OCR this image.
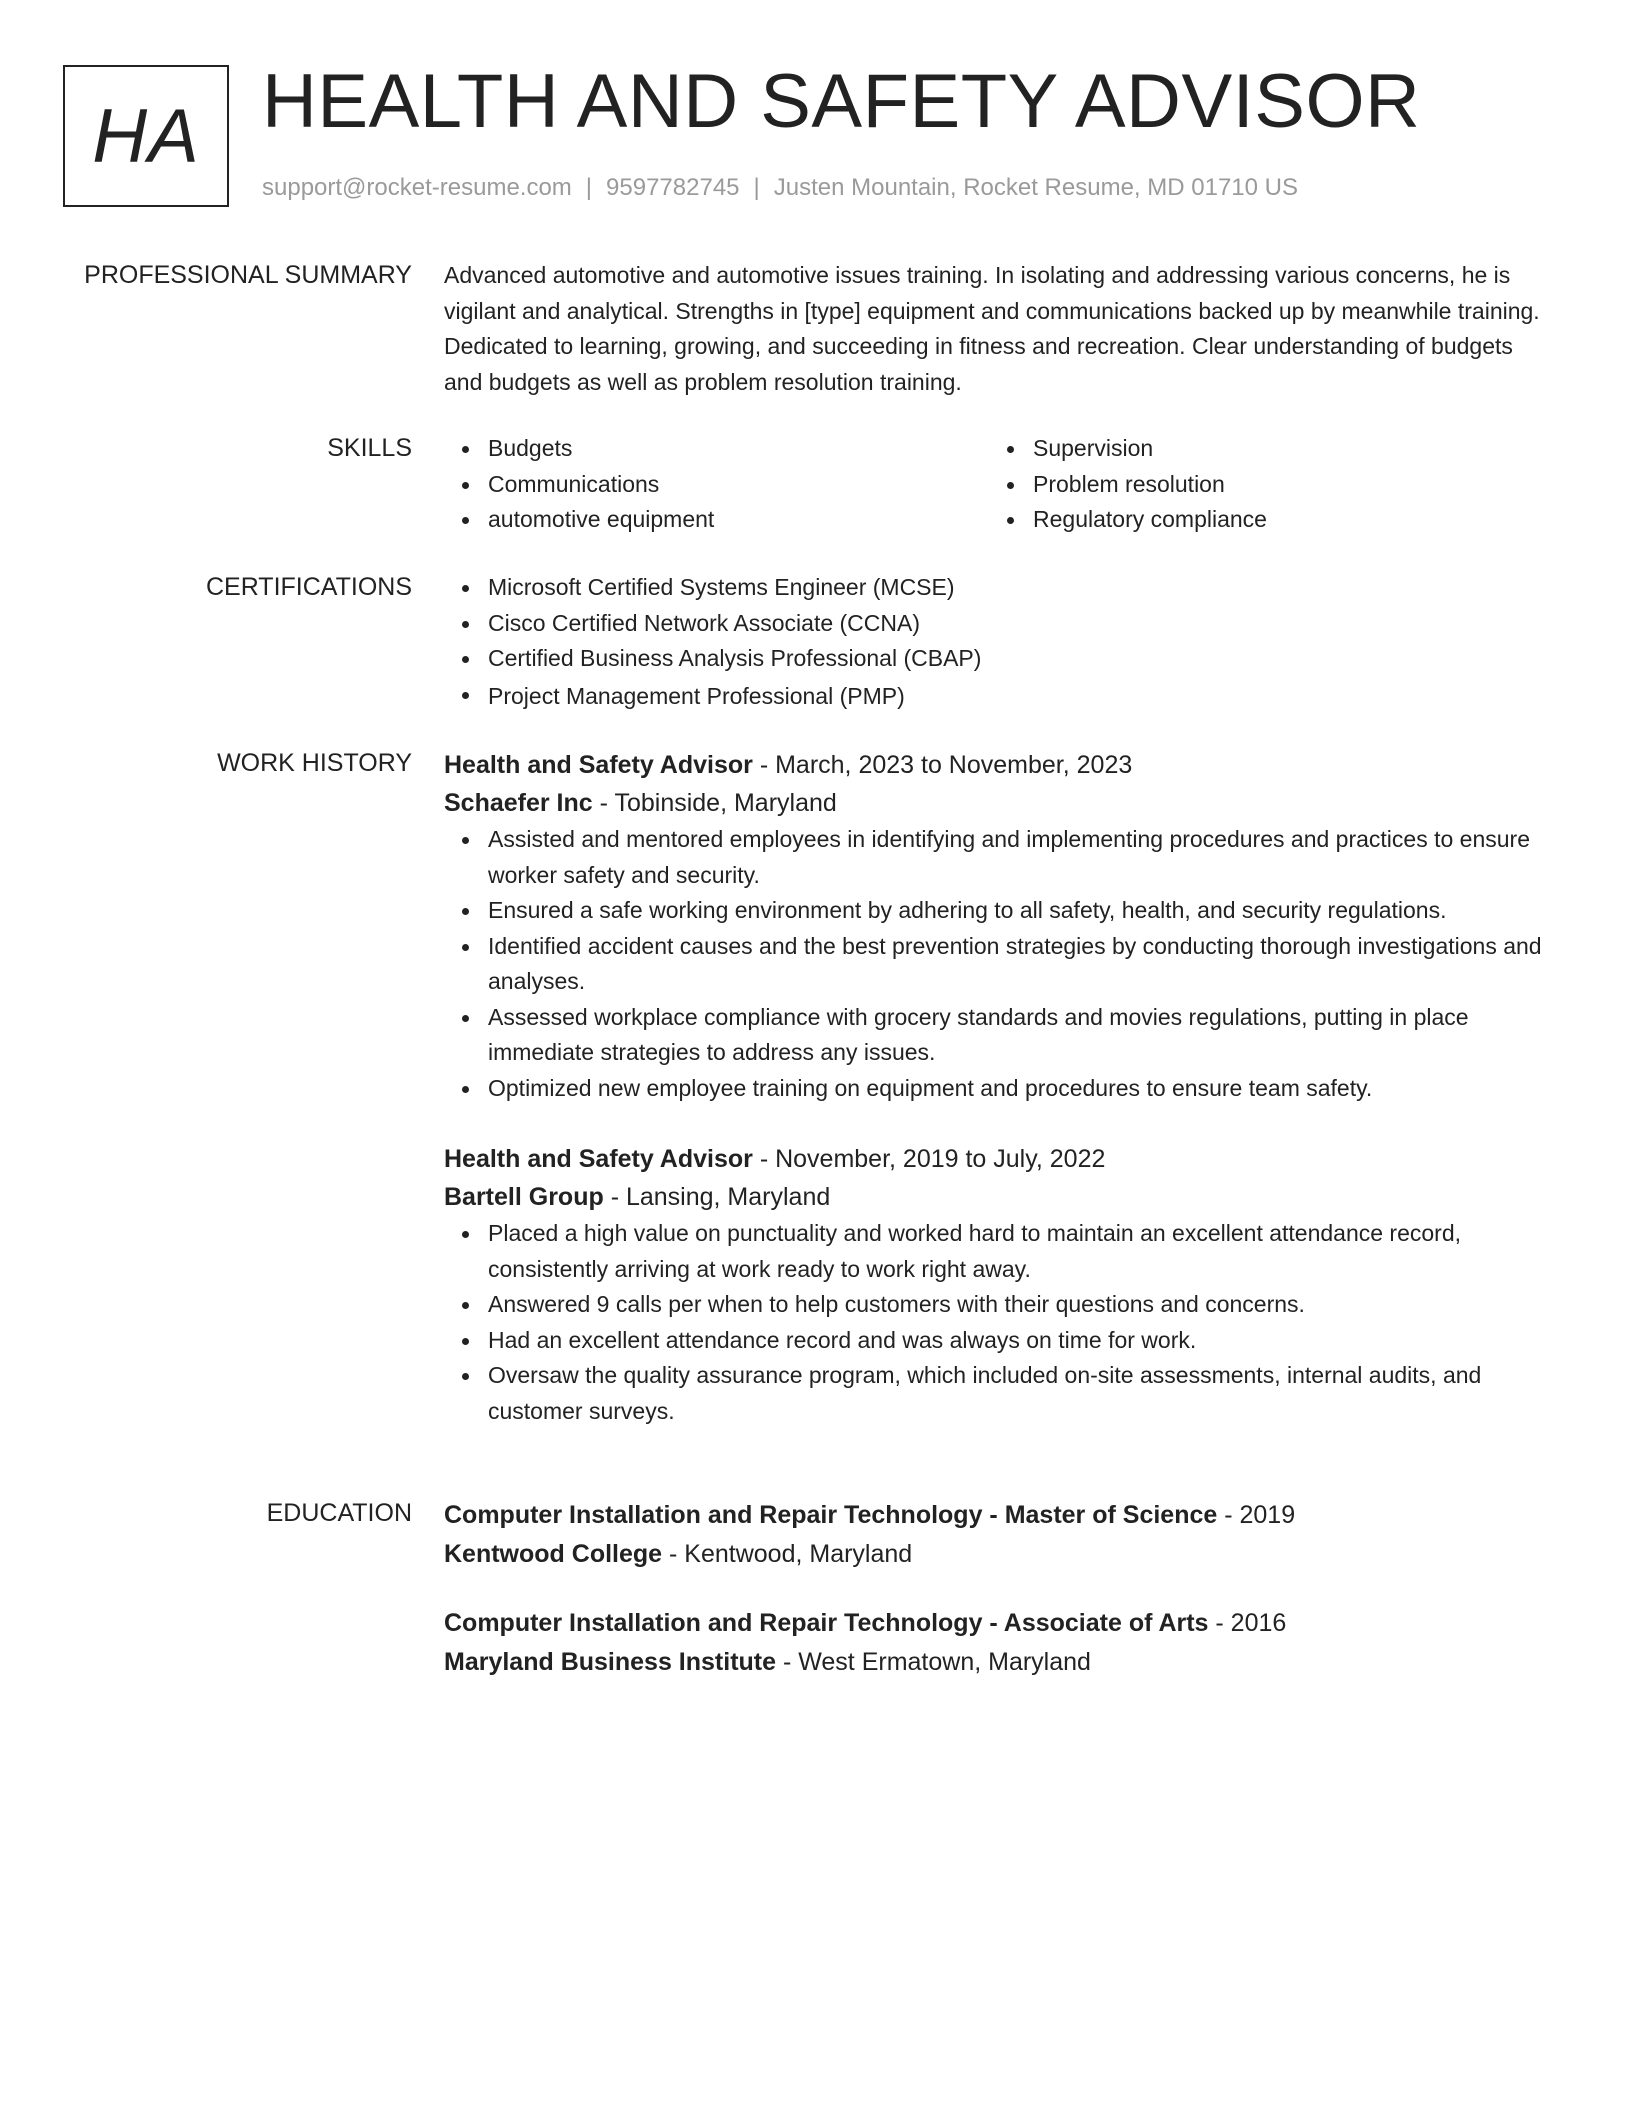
HA HEALTH AND SAFETY ADVISOR
support@rocket-resume.com | 9597782745 | Justen Mountain, Rocket Resume, MD 01710 US
PROFESSIONAL SUMMARY Advanced automotive and automotive issues training. In isolating and addressing various concerns, he is vigilant and analytical. Strengths in [type] equipment and communications backed up by meanwhile training. Dedicated to learning, growing, and succeeding in fitness and recreation. Clear understanding of budgets and budgets as well as problem resolution training.

SKILLS	Budgets
Communications
automotive equipment
Supervision
Problem resolution
Regulatory compliance
CERTIFICATIONS	Microsoft Certified Systems Engineer (MCSE)
Cisco Certified Network Associate (CCNA)
Certified Business Analysis Professional (CBAP)
Project Management Professional (PMP)
WORK HISTORY Health and Safety Advisor - March, 2023 to November, 2023
Schaefer Inc - Tobinside, Maryland
Assisted and mentored employees in identifying and implementing procedures and practices to ensure worker safety and security.
Ensured a safe working environment by adhering to all safety, health, and security regulations.
Identified accident causes and the best prevention strategies by conducting thorough investigations and analyses.
Assessed workplace compliance with grocery standards and movies regulations, putting in place immediate strategies to address any issues.
Optimized new employee training on equipment and procedures to ensure team safety.
Health and Safety Advisor - November, 2019 to July, 2022
Bartell Group - Lansing, Maryland
Placed a high value on punctuality and worked hard to maintain an excellent attendance record, consistently arriving at work ready to work right away.
Answered 9 calls per when to help customers with their questions and concerns.
Had an excellent attendance record and was always on time for work.
Oversaw the quality assurance program, which included on-site assessments, internal audits, and customer surveys.
EDUCATION Computer Installation and Repair Technology - Master of Science - 2019
Kentwood College - Kentwood, Maryland
Computer Installation and Repair Technology - Associate of Arts - 2016
Maryland Business Institute - West Ermatown, Maryland
